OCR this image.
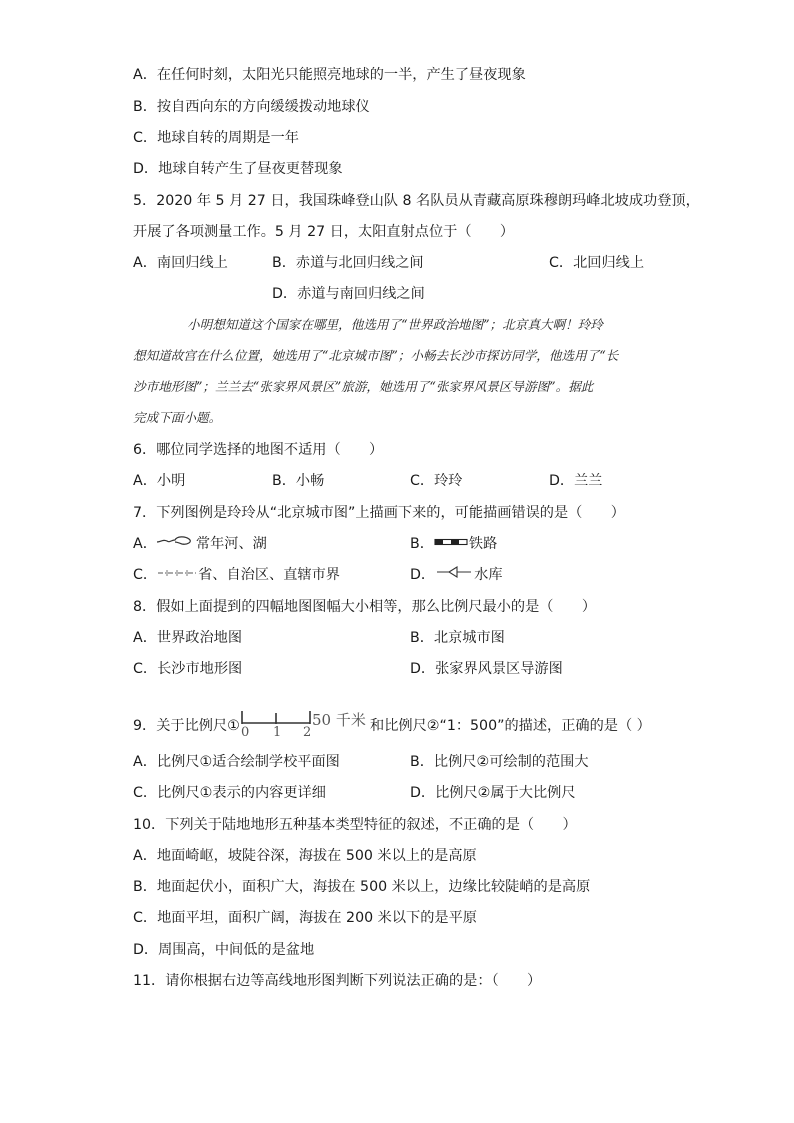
A．在任何时刻，太阳光只能照亮地球的一半，产生了昼夜现象
B．按自西向东的方向缓缓拨动地球仪
C．地球自转的周期是一年
D．地球自转产生了昼夜更替现象
5．2020 年 5 月 27 日，我国珠峰登山队 8 名队员从青藏高原珠穆朗玛峰北坡成功登顶，
开展了各项测量工作。5 月 27 日，太阳直射点位于（　　）
A．南回归线上	B．赤道与北回归线之间	C．北回归线上
D．赤道与南回归线之间
小明想知道这个国家在哪里，他选用了“世界政治地图”；北京真大啊！玲玲
想知道故宫在什么位置，她选用了“北京城市图”；小畅去长沙市探访同学，他选用了“长
沙市地形图”；兰兰去“张家界风景区”旅游，她选用了“张家界风景区导游图”。据此
完成下面小题。
6．哪位同学选择的地图不适用（　　）
A．小明	B．小畅	C．玲玲	D．兰兰
7．下列图例是玲玲从“北京城市图”上描画下来的，可能描画错误的是（　　）
A．	常年河、湖	B． 铁路
C．	省、自治区、直辖市界	D．	水库
8．假如上面提到的四幅地图图幅大小相等，那么比例尺最小的是（　　）
A．世界政治地图	B．北京城市图
C．长沙市地形图	D．张家界风景区导游图
9．关于比例尺① 0 1 2
50 千米 和比例尺②“1：500”的描述，正确的是（ ）
A．比例尺①适合绘制学校平面图	B．比例尺②可绘制的范围大
C．比例尺①表示的内容更详细	D．比例尺②属于大比例尺
10．下列关于陆地地形五种基本类型特征的叙述，不正确的是（　　）
A．地面崎岖，坡陡谷深，海拔在 500 米以上的是高原
B．地面起伏小，面积广大，海拔在 500 米以上，边缘比较陡峭的是高原
C．地面平坦，面积广阔，海拔在 200 米以下的是平原
D．周围高，中间低的是盆地
11．请你根据右边等高线地形图判断下列说法正确的是：（　　）
